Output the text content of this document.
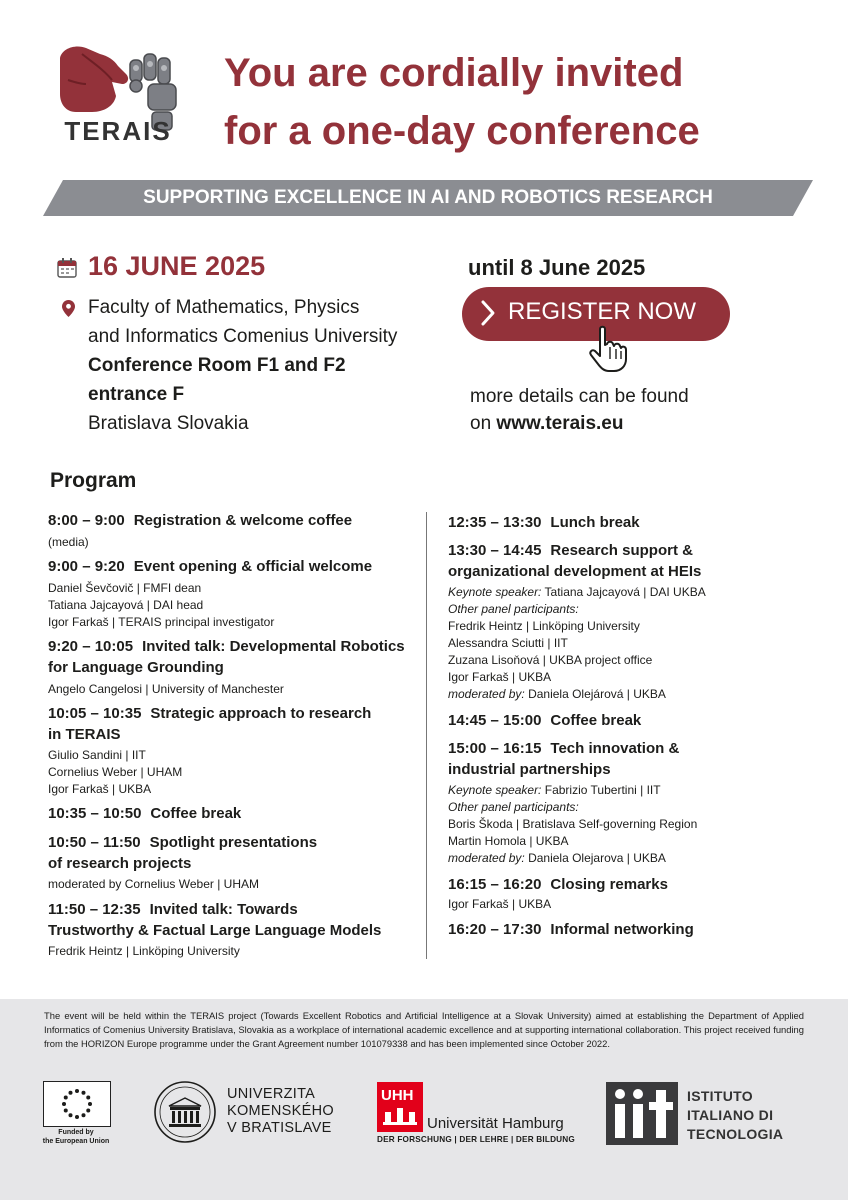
TERAIS
You are cordially invited
for a one-day conference
SUPPORTING EXCELLENCE IN AI AND ROBOTICS RESEARCH
16 JUNE 2025
Faculty of Mathematics, Physics
and Informatics Comenius University
Conference Room F1 and F2
entrance F
Bratislava Slovakia
until 8 June 2025
REGISTER NOW
more details can be found
on www.terais.eu
Program
8:00 – 9:00 Registration & welcome coffee
(media)
9:00 – 9:20 Event opening & official welcome
Daniel Ševčovič | FMFI dean
Tatiana Jajcayová | DAI head
Igor Farkaš | TERAIS principal investigator
9:20 – 10:05 Invited talk: Developmental Robotics
for Language Grounding
Angelo Cangelosi | University of Manchester
10:05 – 10:35 Strategic approach to research
in TERAIS
Giulio Sandini | IIT
Cornelius Weber | UHAM
Igor Farkaš | UKBA
10:35 – 10:50 Coffee break
10:50 – 11:50 Spotlight presentations
of research projects
moderated by Cornelius Weber | UHAM
11:50 – 12:35 Invited talk: Towards
Trustworthy & Factual Large Language Models
Fredrik Heintz | Linköping University
12:35 – 13:30 Lunch break
13:30 – 14:45 Research support &
organizational development at HEIs
Keynote speaker: Tatiana Jajcayová | DAI UKBA
Other panel participants:
Fredrik Heintz | Linköping University
Alessandra Sciutti | IIT
Zuzana Lisoňová | UKBA project office
Igor Farkaš | UKBA
moderated by: Daniela Olejárová | UKBA
14:45 – 15:00 Coffee break
15:00 – 16:15 Tech innovation &
industrial partnerships
Keynote speaker: Fabrizio Tubertini | IIT
Other panel participants:
Boris Škoda | Bratislava Self-governing Region
Martin Homola | UKBA
moderated by: Daniela Olejarova | UKBA
16:15 – 16:20 Closing remarks
Igor Farkaš | UKBA
16:20 – 17:30 Informal networking
The event will be held within the TERAIS project (Towards Excellent Robotics and Artificial Intelligence at a Slovak University) aimed at establishing the Department of Applied Informatics of Comenius University Bratislava, Slovakia as a workplace of international academic excellence and at supporting international collaboration. This project received funding from the HORIZON Europe programme under the Grant Agreement number 101079338 and has been implemented since October 2022.
Funded by
the European Union
UNIVERZITA
KOMENSKÉHO
V BRATISLAVE
UHH
Universität Hamburg
DER FORSCHUNG | DER LEHRE | DER BILDUNG
ISTITUTO
ITALIANO DI
TECNOLOGIA
